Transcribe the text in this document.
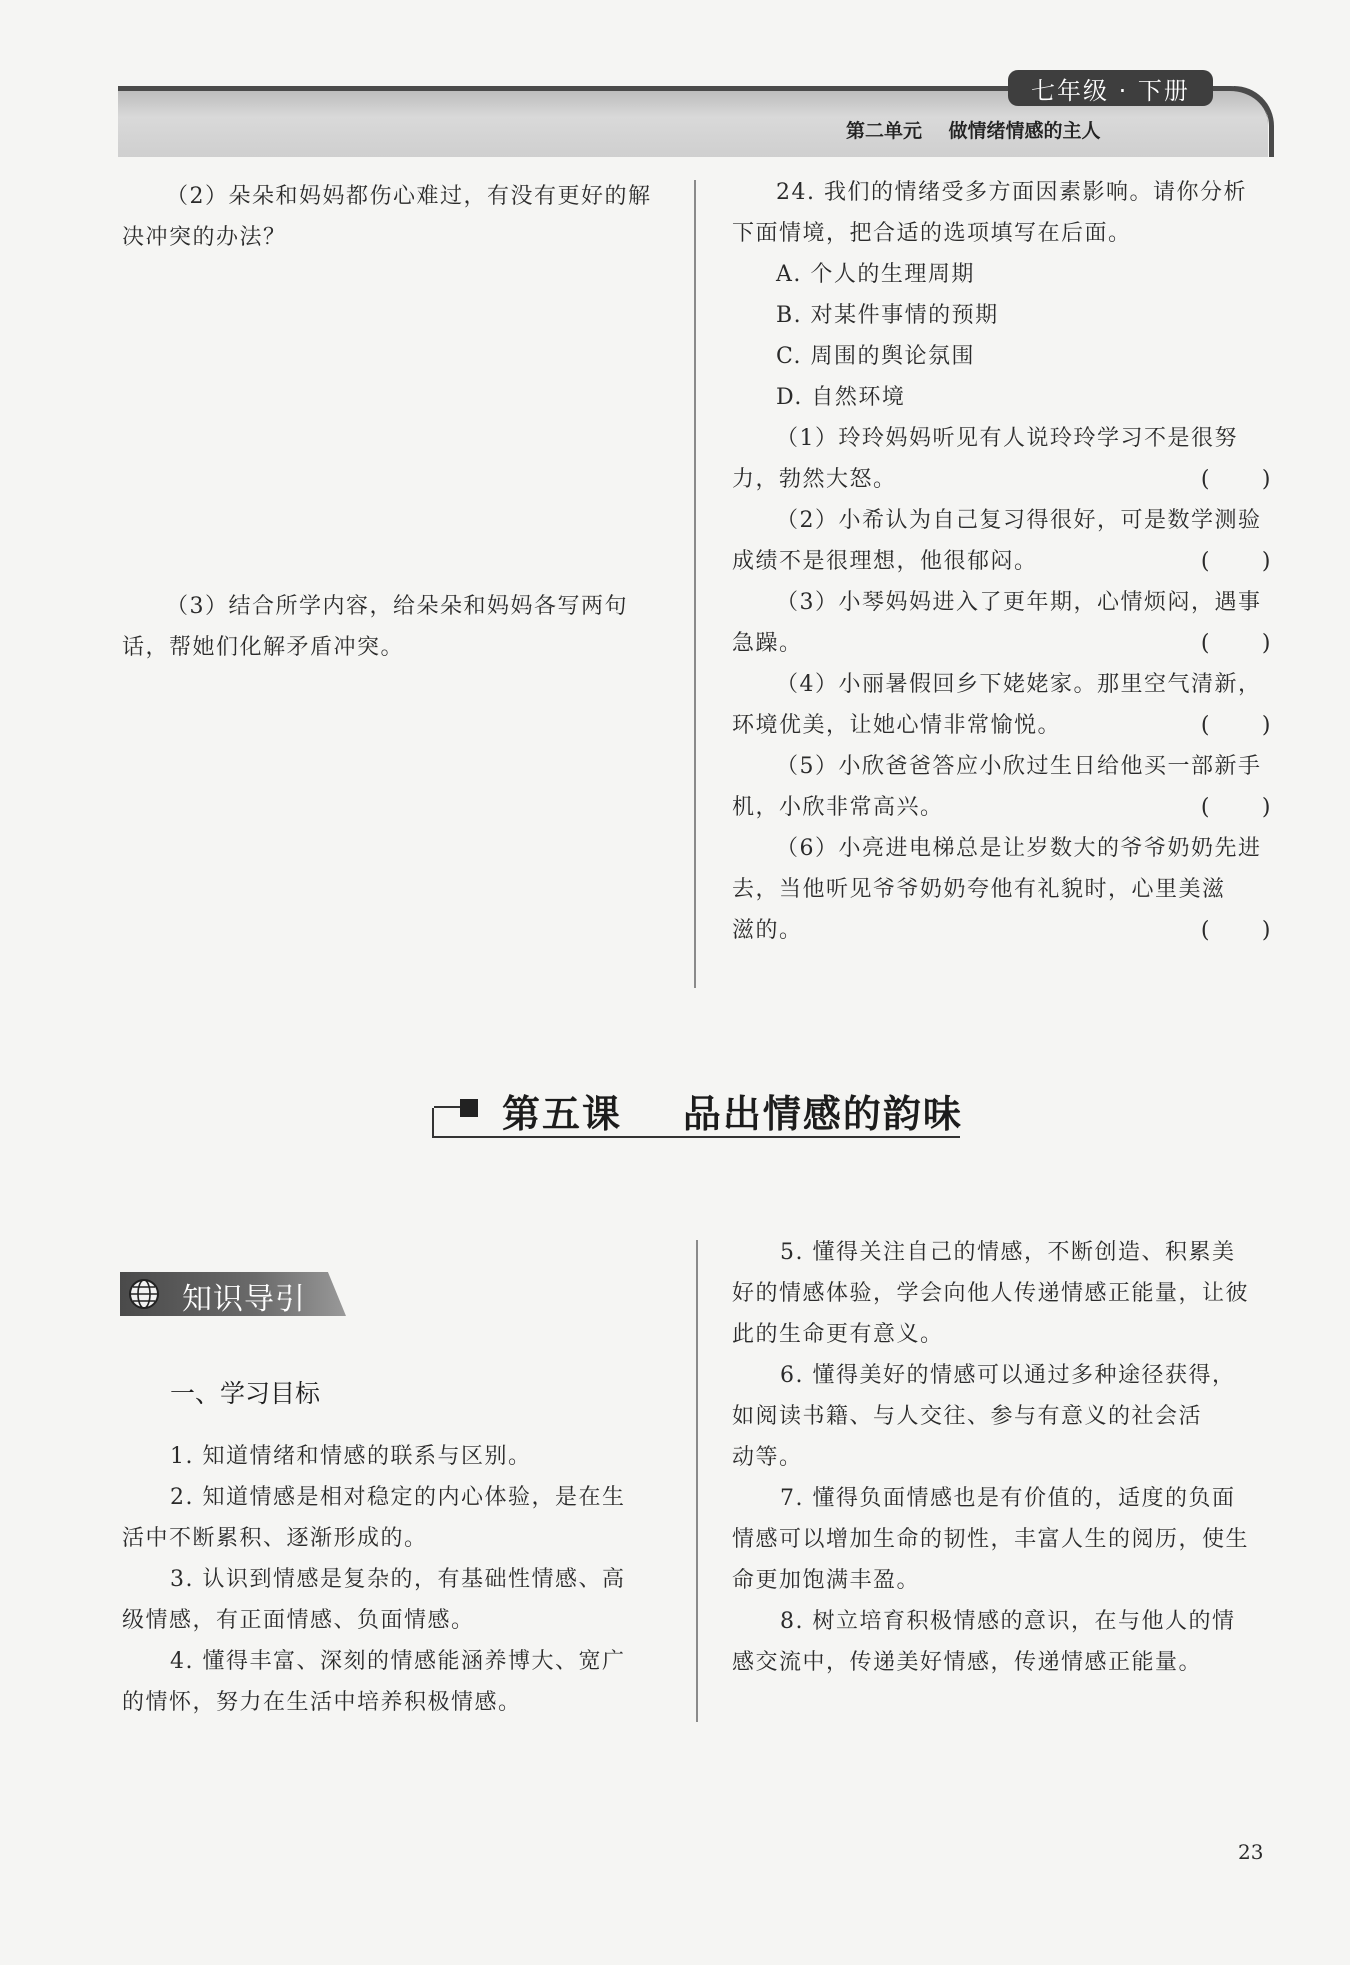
七年级 · 下册
第二单元    做情绪情感的主人
（2）朵朵和妈妈都伤心难过，有没有更好的解
决冲突的办法？
（3）结合所学内容，给朵朵和妈妈各写两句
话，帮她们化解矛盾冲突。
24. 我们的情绪受多方面因素影响。请你分析
下面情境，把合适的选项填写在后面。
A. 个人的生理周期
B. 对某件事情的预期
C. 周围的舆论氛围
D. 自然环境
（1）玲玲妈妈听见有人说玲玲学习不是很努
力，勃然大怒。	(      )
（2）小希认为自己复习得很好，可是数学测验
成绩不是很理想，他很郁闷。	(      )
（3）小琴妈妈进入了更年期，心情烦闷，遇事
急躁。	(      )
（4）小丽暑假回乡下姥姥家。那里空气清新，
环境优美，让她心情非常愉悦。	(      )
（5）小欣爸爸答应小欣过生日给他买一部新手
机，小欣非常高兴。	(      )
（6）小亮进电梯总是让岁数大的爷爷奶奶先进
去，当他听见爷爷奶奶夸他有礼貌时，心里美滋
滋的。	(      )
第五课    品出情感的韵味
知识导引
一、学习目标
1. 知道情绪和情感的联系与区别。
2. 知道情感是相对稳定的内心体验，是在生
活中不断累积、逐渐形成的。
3. 认识到情感是复杂的，有基础性情感、高
级情感，有正面情感、负面情感。
4. 懂得丰富、深刻的情感能涵养博大、宽广
的情怀，努力在生活中培养积极情感。
5. 懂得关注自己的情感，不断创造、积累美
好的情感体验，学会向他人传递情感正能量，让彼
此的生命更有意义。
6. 懂得美好的情感可以通过多种途径获得，
如阅读书籍、与人交往、参与有意义的社会活
动等。
7. 懂得负面情感也是有价值的，适度的负面
情感可以增加生命的韧性，丰富人生的阅历，使生
命更加饱满丰盈。
8. 树立培育积极情感的意识，在与他人的情
感交流中，传递美好情感，传递情感正能量。
23
